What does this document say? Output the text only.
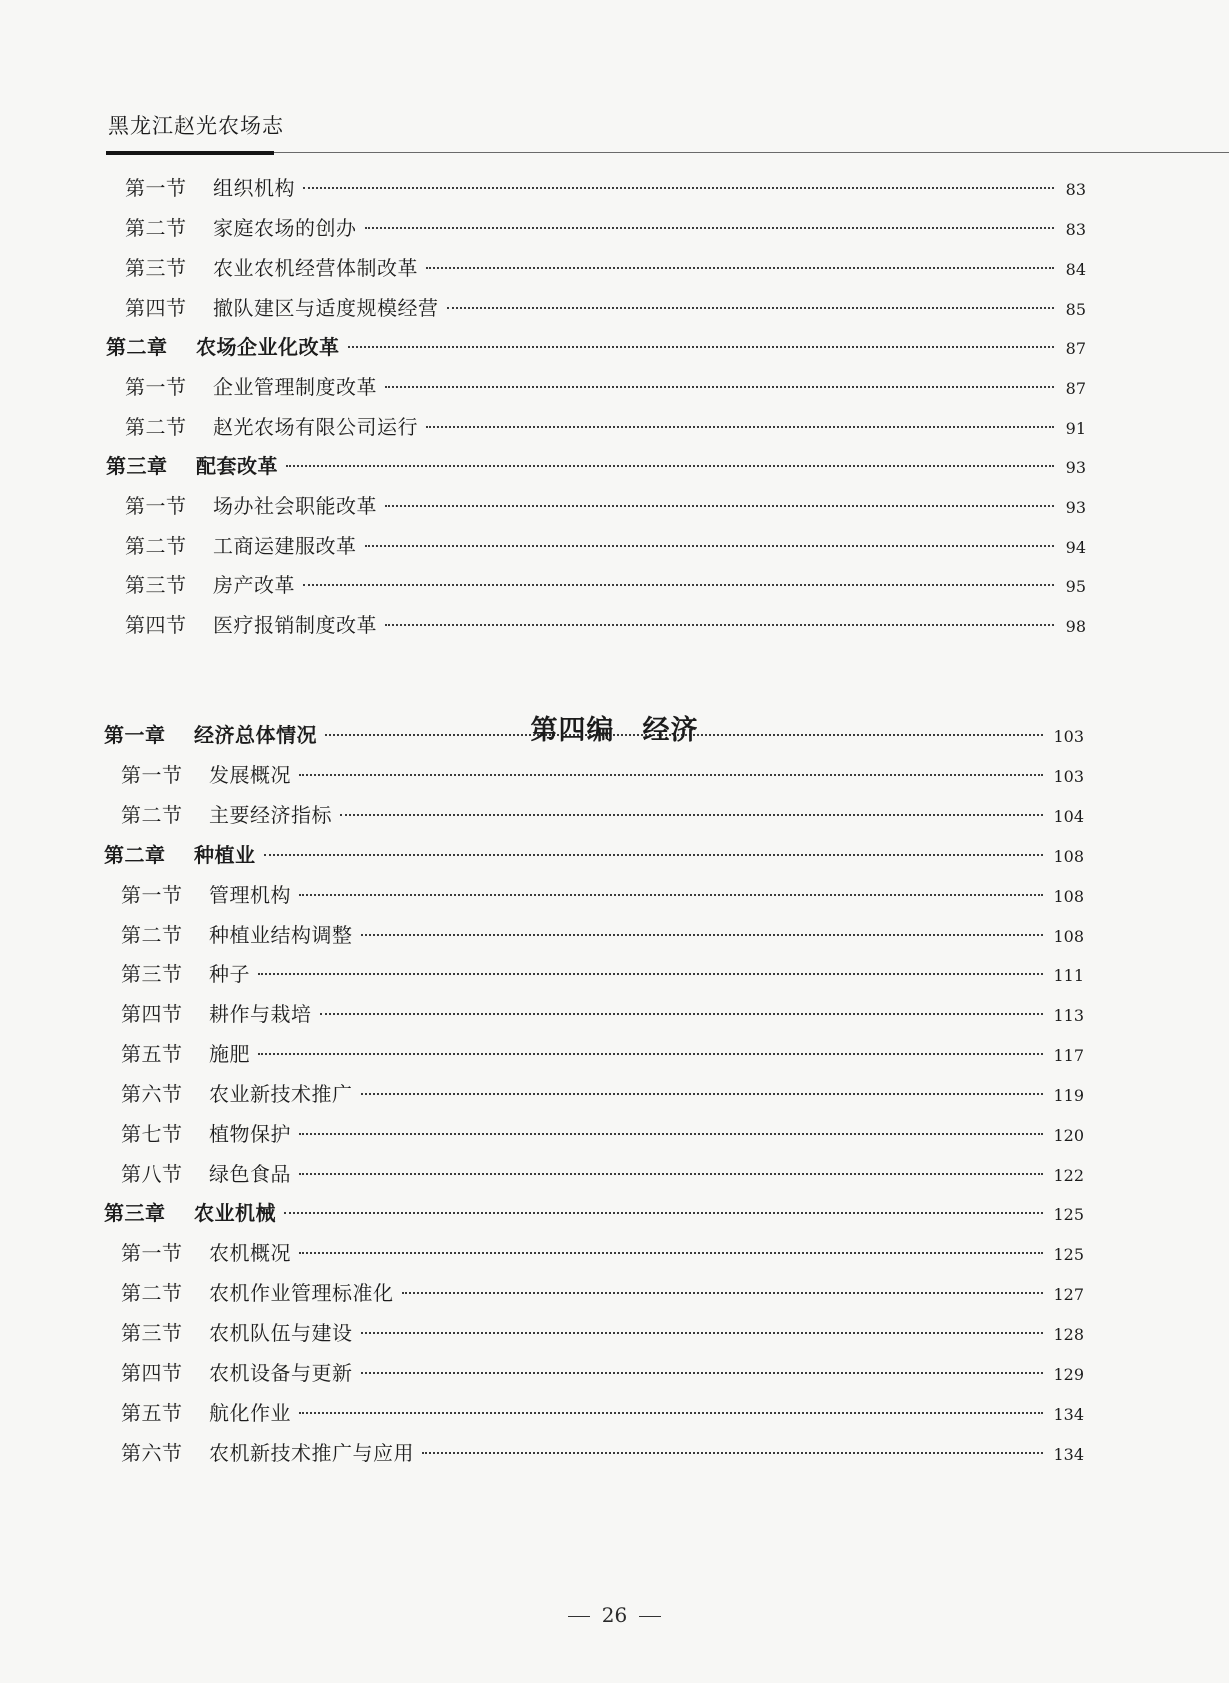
黑龙江赵光农场志
第一节	组织机构	83
第二节	家庭农场的创办	83
第三节	农业农机经营体制改革	84
第四节	撤队建区与适度规模经营	85
第二章	农场企业化改革	87
第一节	企业管理制度改革	87
第二节	赵光农场有限公司运行	91
第三章	配套改革	93
第一节	场办社会职能改革	93
第二节	工商运建服改革	94
第三节	房产改革	95
第四节	医疗报销制度改革	98
第一章	经济总体情况	103
第一节	发展概况	103
第二节	主要经济指标	104
第二章	种植业	108
第一节	管理机构	108
第二节	种植业结构调整	108
第三节	种子	111
第四节	耕作与栽培	113
第五节	施肥	117
第六节	农业新技术推广	119
第七节	植物保护	120
第八节	绿色食品	122
第三章	农业机械	125
第一节	农机概况	125
第二节	农机作业管理标准化	127
第三节	农机队伍与建设	128
第四节	农机设备与更新	129
第五节	航化作业	134
第六节	农机新技术推广与应用	134
第四编　经济
26
